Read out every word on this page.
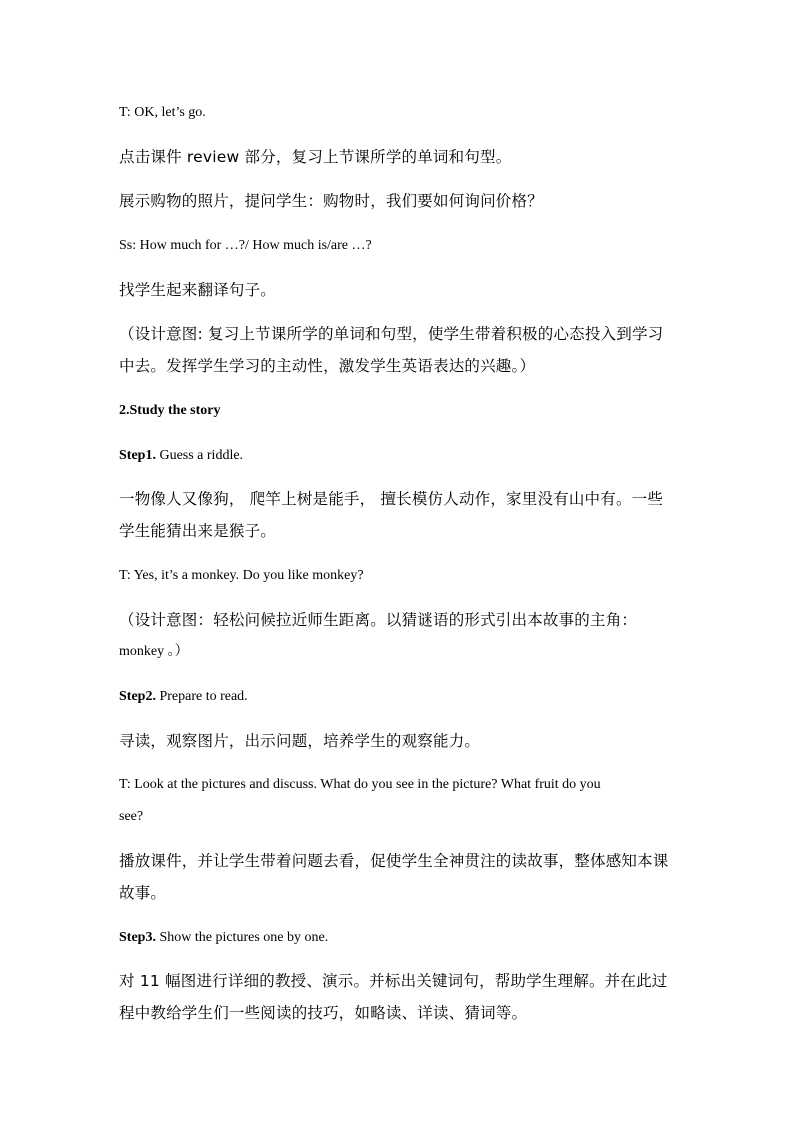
T: OK, let’s go.
点击课件 review 部分，复习上节课所学的单词和句型。
展示购物的照片，提问学生：购物时，我们要如何询问价格？
Ss: How much for …?/ How much is/are …?
找学生起来翻译句子。
（设计意图: 复习上节课所学的单词和句型，使学生带着积极的心态投入到学习
中去。发挥学生学习的主动性，激发学生英语表达的兴趣。）
2.Study the story
Step1. Guess a riddle.
一物像人又像狗， 爬竿上树是能手， 擅长模仿人动作，家里没有山中有。一些
学生能猜出来是猴子。
T: Yes, it’s a monkey. Do you like monkey?
（设计意图：轻松问候拉近师生距离。以猜谜语的形式引出本故事的主角：
monkey 。）
Step2. Prepare to read.
寻读，观察图片，出示问题，培养学生的观察能力。
T: Look at the pictures and discuss. What do you see in the picture? What fruit do you
see?
播放课件，并让学生带着问题去看，促使学生全神贯注的读故事，整体感知本课
故事。
Step3. Show the pictures one by one.
对 11 幅图进行详细的教授、演示。并标出关键词句，帮助学生理解。并在此过
程中教给学生们一些阅读的技巧，如略读、详读、猜词等。
